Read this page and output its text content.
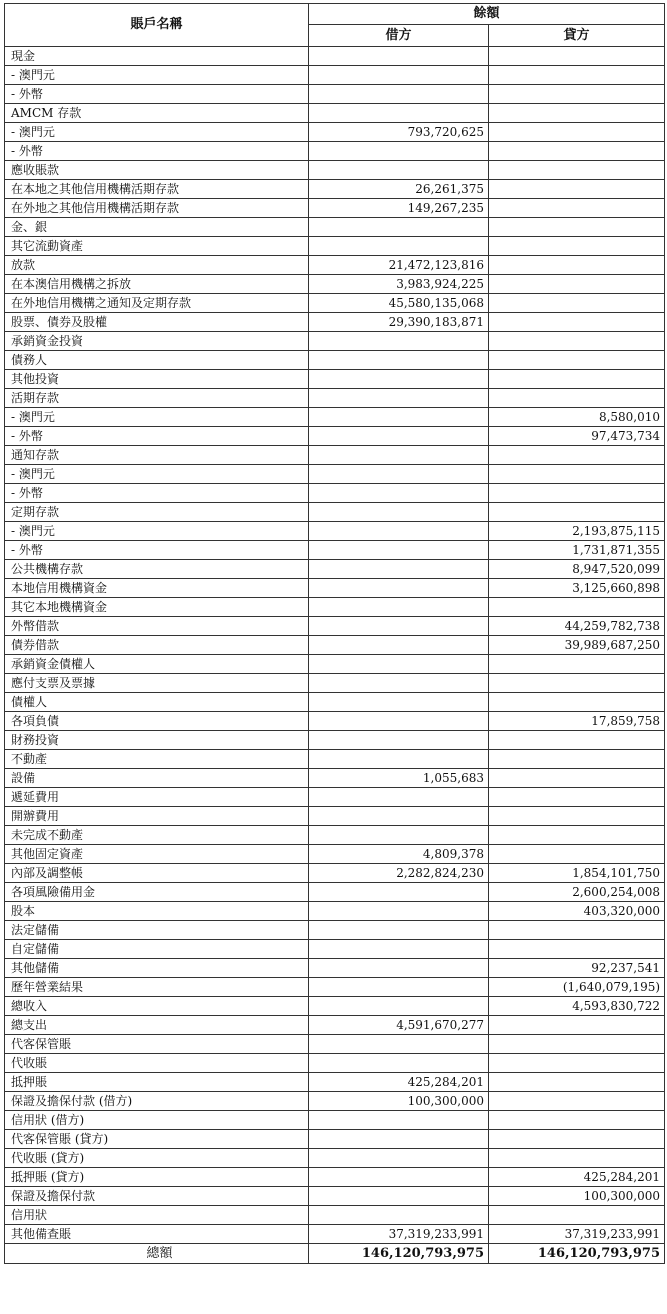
賬戶名稱	餘額	
	借方	貸方
現金		
- 澳門元		
- 外幣		
AMCM 存款		
- 澳門元	793,720,625	
- 外幣		
應收賬款		
在本地之其他信用機構活期存款	26,261,375	
在外地之其他信用機構活期存款	149,267,235	
金、銀		
其它流動資產		
放款	21,472,123,816	
在本澳信用機構之拆放	3,983,924,225	
在外地信用機構之通知及定期存款	45,580,135,068	
股票、債券及股權	29,390,183,871	
承銷資金投資		
債務人		
其他投資		
活期存款		
- 澳門元		8,580,010
- 外幣		97,473,734
通知存款		
- 澳門元		
- 外幣		
定期存款		
- 澳門元		2,193,875,115
- 外幣		1,731,871,355
公共機構存款		8,947,520,099
本地信用機構資金		3,125,660,898
其它本地機構資金		
外幣借款		44,259,782,738
債券借款		39,989,687,250
承銷資金債權人		
應付支票及票據		
債權人		
各項負債		17,859,758
財務投資		
不動產		
設備	1,055,683	
遞延費用		
開辦費用		
未完成不動產		
其他固定資產	4,809,378	
內部及調整帳	2,282,824,230	1,854,101,750
各項風險備用金		2,600,254,008
股本		403,320,000
法定儲備		
自定儲備		
其他儲備		92,237,541
歷年營業結果		(1,640,079,195)
總收入		4,593,830,722
總支出	4,591,670,277	
代客保管賬		
代收賬		
抵押賬	425,284,201	
保證及擔保付款 (借方)	100,300,000	
信用狀 (借方)		
代客保管賬 (貸方)		
代收賬 (貸方)		
抵押賬 (貸方)		425,284,201
保證及擔保付款		100,300,000
信用狀		
其他備查賬	37,319,233,991	37,319,233,991
總額	146,120,793,975	146,120,793,975
